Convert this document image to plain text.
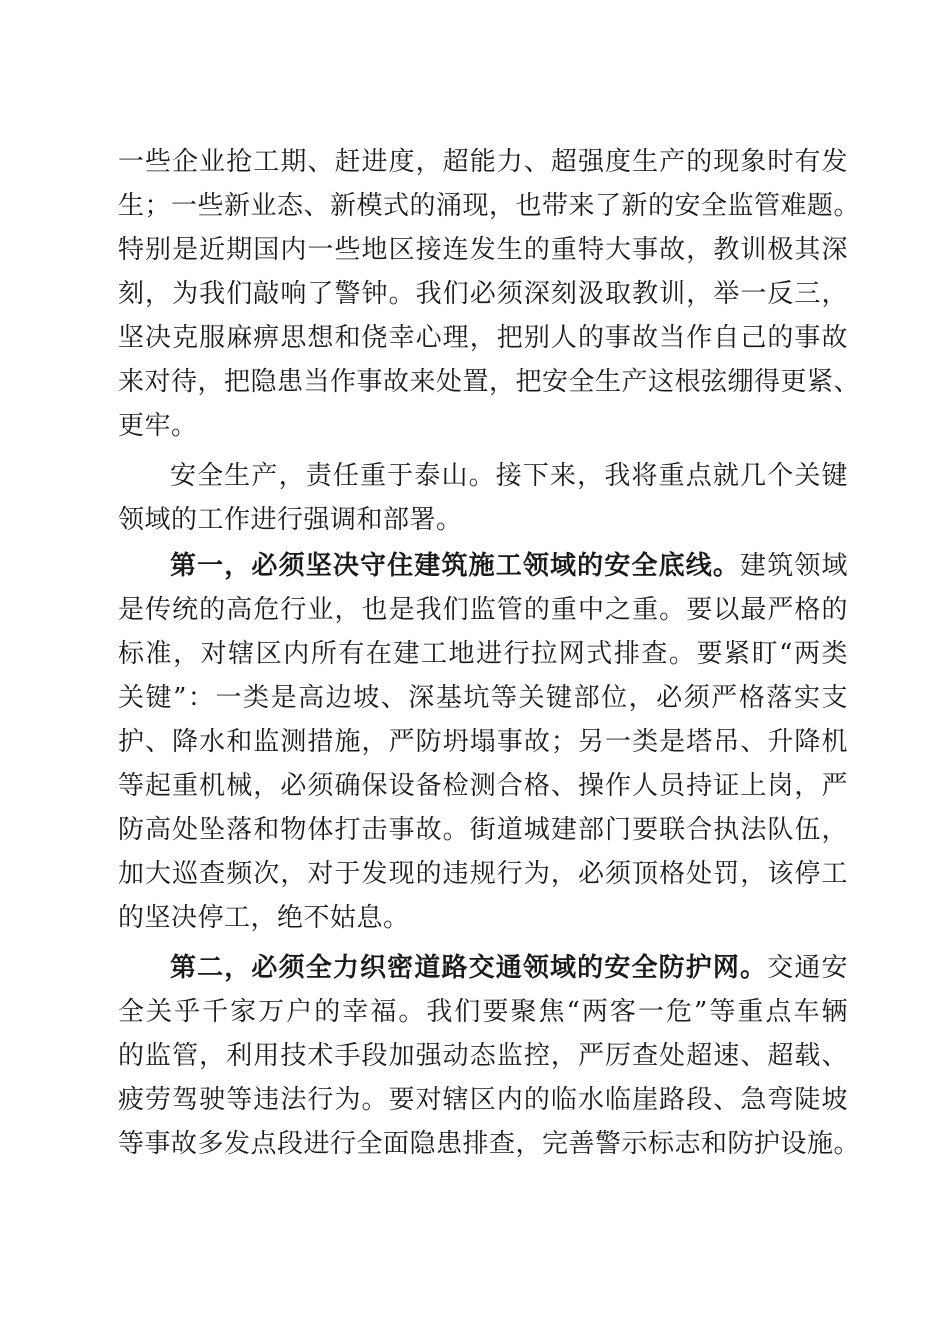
一些企业抢工期、赶进度，超能力、超强度生产的现象时有发
生；一些新业态、新模式的涌现，也带来了新的安全监管难题。
特别是近期国内一些地区接连发生的重特大事故，教训极其深
刻，为我们敲响了警钟。我们必须深刻汲取教训，举一反三，
坚决克服麻痹思想和侥幸心理，把别人的事故当作自己的事故
来对待，把隐患当作事故来处置，把安全生产这根弦绷得更紧、
更牢。
安全生产，责任重于泰山。接下来，我将重点就几个关键
领域的工作进行强调和部署。
第一，必须坚决守住建筑施工领域的安全底线。建筑领域
是传统的高危行业，也是我们监管的重中之重。要以最严格的
标准，对辖区内所有在建工地进行拉网式排查。要紧盯“两类
关键”：一类是高边坡、深基坑等关键部位，必须严格落实支
护、降水和监测措施，严防坍塌事故；另一类是塔吊、升降机
等起重机械，必须确保设备检测合格、操作人员持证上岗，严
防高处坠落和物体打击事故。街道城建部门要联合执法队伍，
加大巡查频次，对于发现的违规行为，必须顶格处罚，该停工
的坚决停工，绝不姑息。
第二，必须全力织密道路交通领域的安全防护网。交通安
全关乎千家万户的幸福。我们要聚焦“两客一危”等重点车辆
的监管，利用技术手段加强动态监控，严厉查处超速、超载、
疲劳驾驶等违法行为。要对辖区内的临水临崖路段、急弯陡坡
等事故多发点段进行全面隐患排查，完善警示标志和防护设施。
